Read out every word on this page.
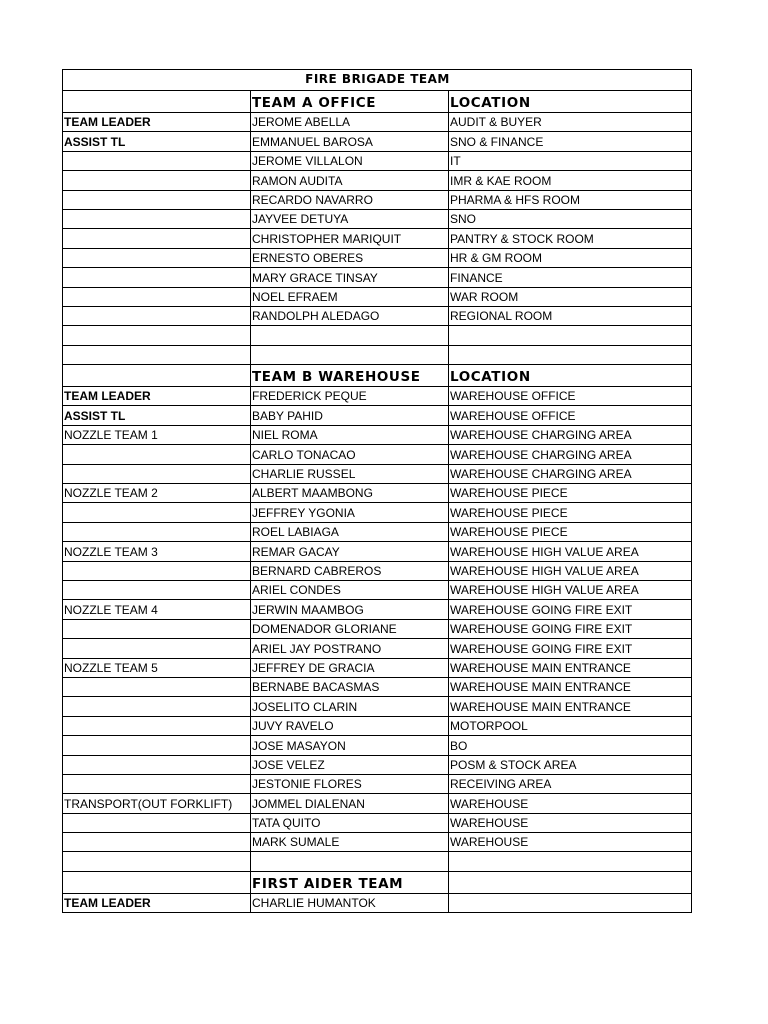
FIRE BRIGADE TEAM		
	TEAM A OFFICE	LOCATION
TEAM LEADER	JEROME ABELLA	AUDIT & BUYER
ASSIST TL	EMMANUEL BAROSA	SNO & FINANCE
	JEROME VILLALON	IT
	RAMON AUDITA	IMR & KAE ROOM
	RECARDO NAVARRO	PHARMA & HFS ROOM
	JAYVEE DETUYA	SNO
	CHRISTOPHER MARIQUIT	PANTRY & STOCK ROOM
	ERNESTO OBERES	HR & GM ROOM
	MARY GRACE TINSAY	FINANCE
	NOEL EFRAEM	WAR ROOM
	RANDOLPH ALEDAGO	REGIONAL ROOM

	TEAM B WAREHOUSE	LOCATION
TEAM LEADER	FREDERICK PEQUE	WAREHOUSE OFFICE
ASSIST TL	BABY PAHID	WAREHOUSE OFFICE
NOZZLE TEAM 1	NIEL ROMA	WAREHOUSE CHARGING AREA
	CARLO TONACAO	WAREHOUSE CHARGING AREA
	CHARLIE RUSSEL	WAREHOUSE CHARGING AREA
NOZZLE TEAM 2	ALBERT MAAMBONG	WAREHOUSE PIECE
	JEFFREY YGONIA	WAREHOUSE PIECE
	ROEL LABIAGA	WAREHOUSE PIECE
NOZZLE TEAM 3	REMAR GACAY	WAREHOUSE HIGH VALUE AREA
	BERNARD CABREROS	WAREHOUSE HIGH VALUE AREA
	ARIEL CONDES	WAREHOUSE HIGH VALUE AREA
NOZZLE TEAM 4	JERWIN MAAMBOG	WAREHOUSE GOING FIRE EXIT
	DOMENADOR GLORIANE	WAREHOUSE GOING FIRE EXIT
	ARIEL JAY POSTRANO	WAREHOUSE GOING FIRE EXIT
NOZZLE TEAM 5	JEFFREY DE GRACIA	WAREHOUSE MAIN ENTRANCE
	BERNABE BACASMAS	WAREHOUSE MAIN ENTRANCE
	JOSELITO CLARIN	WAREHOUSE MAIN ENTRANCE
	JUVY RAVELO	MOTORPOOL
	JOSE MASAYON	BO
	JOSE VELEZ	POSM & STOCK AREA
	JESTONIE FLORES	RECEIVING AREA
TRANSPORT(OUT FORKLIFT)	JOMMEL DIALENAN	WAREHOUSE
	TATA QUITO	WAREHOUSE
	MARK SUMALE	WAREHOUSE

	FIRST AIDER TEAM	
TEAM LEADER	CHARLIE HUMANTOK	
